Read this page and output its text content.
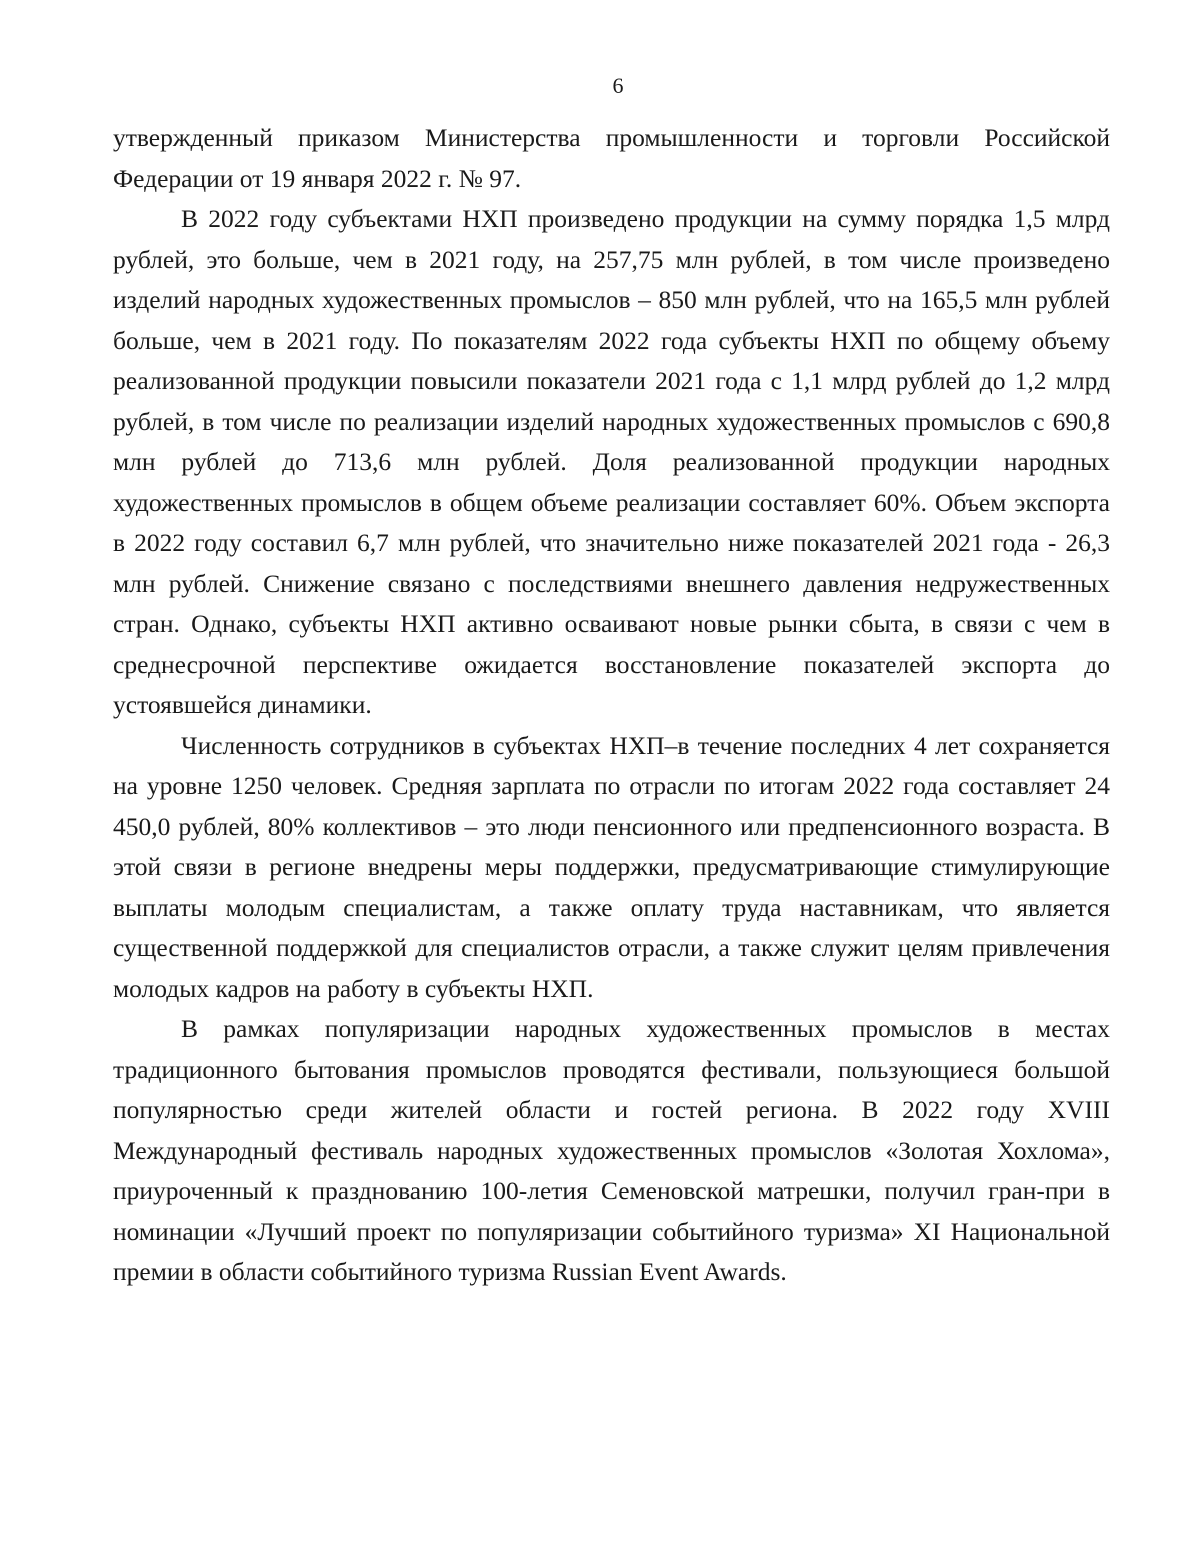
6

утвержденный приказом Министерства промышленности и торговли Российской Федерации от 19 января 2022 г. № 97.

В 2022 году субъектами НХП произведено продукции на сумму порядка 1,5 млрд рублей, это больше, чем в 2021 году, на 257,75 млн рублей, в том числе произведено изделий народных художественных промыслов – 850 млн рублей, что на 165,5 млн рублей больше, чем в 2021 году. По показателям 2022 года субъекты НХП по общему объему реализованной продукции повысили показатели 2021 года с 1,1 млрд рублей до 1,2 млрд рублей, в том числе по реализации изделий народных художественных промыслов с 690,8 млн рублей до 713,6 млн рублей. Доля реализованной продукции народных художественных промыслов в общем объеме реализации составляет 60%. Объем экспорта в 2022 году составил 6,7 млн рублей, что значительно ниже показателей 2021 года - 26,3 млн рублей. Снижение связано с последствиями внешнего давления недружественных стран. Однако, субъекты НХП активно осваивают новые рынки сбыта, в связи с чем в среднесрочной перспективе ожидается восстановление показателей экспорта до устоявшейся динамики.

Численность сотрудников в субъектах НХП–в течение последних 4 лет сохраняется на уровне 1250 человек. Средняя зарплата по отрасли по итогам 2022 года составляет 24 450,0 рублей, 80% коллективов – это люди пенсионного или предпенсионного возраста. В этой связи в регионе внедрены меры поддержки, предусматривающие стимулирующие выплаты молодым специалистам, а также оплату труда наставникам, что является существенной поддержкой для специалистов отрасли, а также служит целям привлечения молодых кадров на работу в субъекты НХП.

В рамках популяризации народных художественных промыслов в местах традиционного бытования промыслов проводятся фестивали, пользующиеся большой популярностью среди жителей области и гостей региона. В 2022 году XVIII Международный фестиваль народных художественных промыслов «Золотая Хохлома», приуроченный к празднованию 100-летия Семеновской матрешки, получил гран-при в номинации «Лучший проект по популяризации событийного туризма» XI Национальной премии в области событийного туризма Russian Event Awards.
